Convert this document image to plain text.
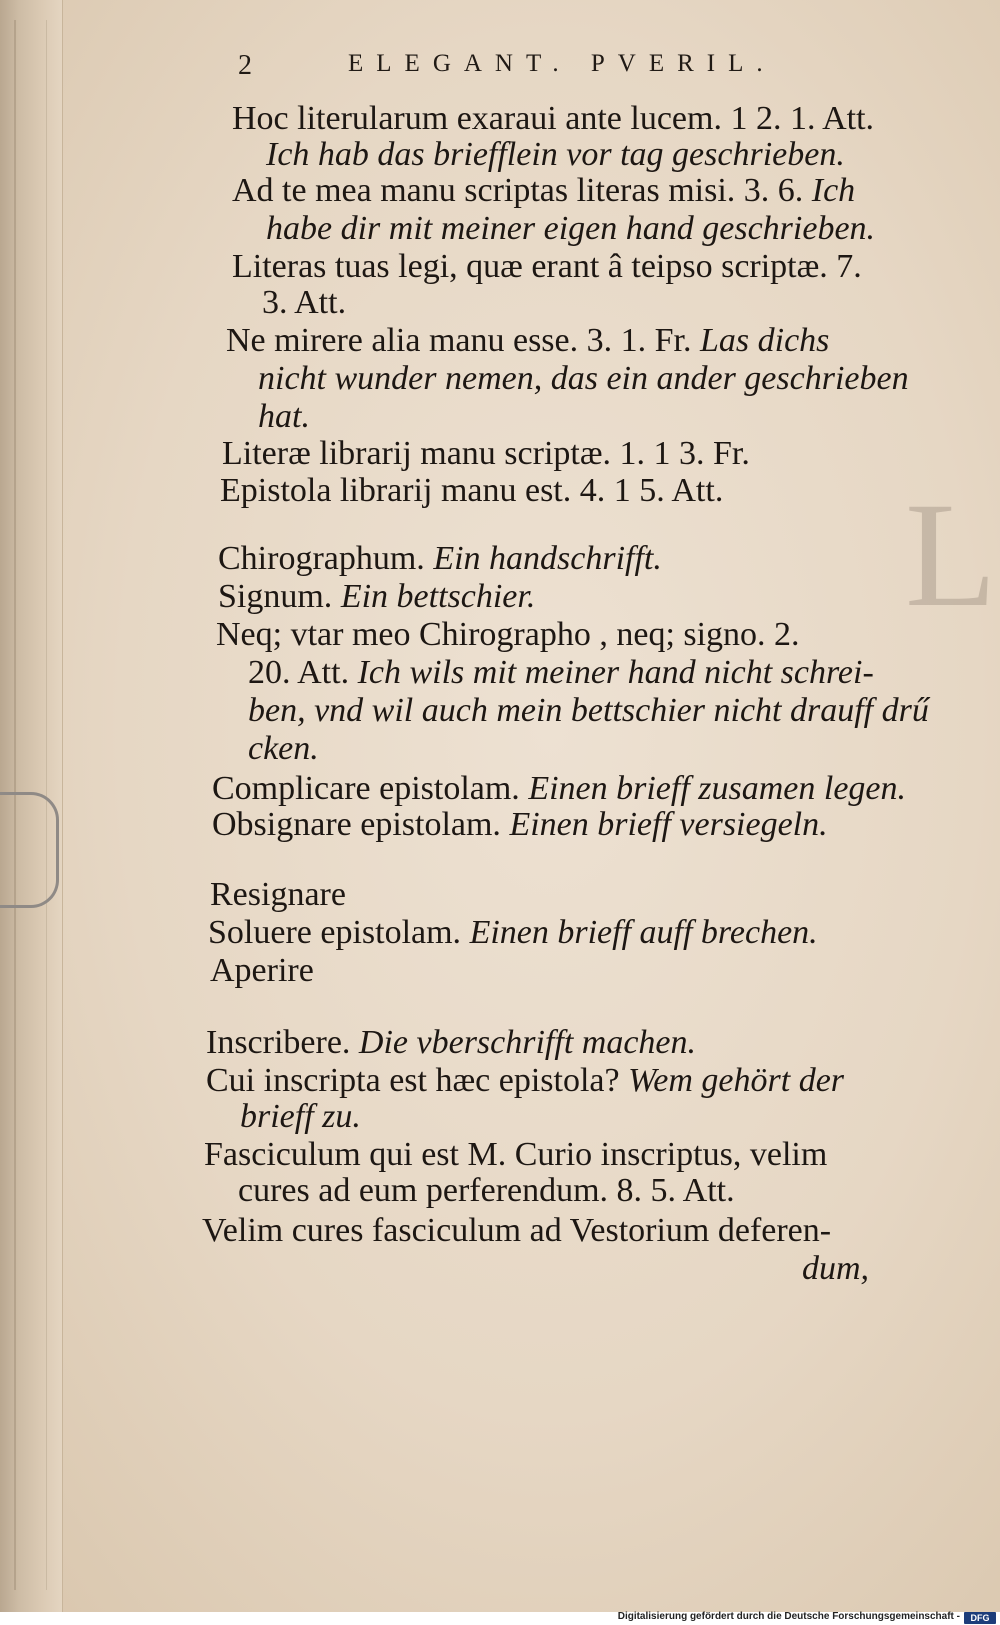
L
2	ELEGANT. PVERIL.
Hoc literularum exaraui ante lucem. 1 2. 1. Att.
Ich hab das briefflein vor tag geschrieben.
Ad te mea manu scriptas literas misi. 3. 6. Ich
habe dir mit meiner eigen hand geschrieben.
Literas tuas legi, quæ erant â teipso scriptæ. 7.
3. Att.
Ne mirere alia manu esse. 3. 1. Fr. Las dichs
nicht wunder nemen, das ein ander geschrieben
hat.
Literæ librarij manu scriptæ. 1. 1 3. Fr.
Epistola librarij manu est. 4. 1 5. Att.
Chirographum. Ein handschrifft.
Signum. Ein bettschier.
Neq; vtar meo Chirographo , neq; signo. 2.
20. Att. Ich wils mit meiner hand nicht schrei-
ben, vnd wil auch mein bettschier nicht drauff drű
cken.
Complicare epistolam. Einen brieff zusamen legen.
Obsignare epistolam. Einen brieff versiegeln.
Resignare
Soluere epistolam. Einen brieff auff brechen.
Aperire
Inscribere. Die vberschrifft machen.
Cui inscripta est hæc epistola? Wem gehört der
brieff zu.
Fasciculum qui est M. Curio inscriptus, velim
cures ad eum perferendum. 8. 5. Att.
Velim cures fasciculum ad Vestorium deferen-
dum,
Digitalisierung gefördert durch die Deutsche Forschungsgemeinschaft -	DFG
